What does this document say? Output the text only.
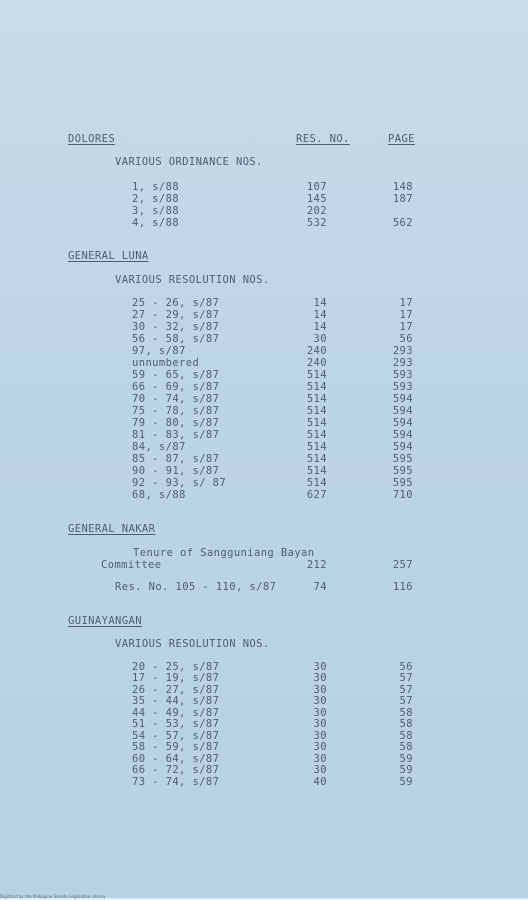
DOLORES	RES. NO.	PAGE
VARIOUS ORDINANCE NOS.
1, s/88	107	148
2, s/88	145	187
3, s/88	202
4, s/88	532	562
GENERAL LUNA
VARIOUS RESOLUTION NOS.
25 - 26, s/87	14	17
27 - 29, s/87	14	17
30 - 32, s/87	14	17
56 - 58, s/87	30	56
97, s/87	240	293
unnumbered	240	293
59 - 65, s/87	514	593
66 - 69, s/87	514	593
70 - 74, s/87	514	594
75 - 78, s/87	514	594
79 - 80, s/87	514	594
81 - 83, s/87	514	594
84, s/87	514	594
85 - 87, s/87	514	595
90 - 91, s/87	514	595
92 - 93, s/ 87	514	595
68, s/88	627	710
GENERAL NAKAR
Tenure of Sangguniang Bayan
Committee	212	257
Res. No. 105 - 110, s/87	74	116
GUINAYANGAN
VARIOUS RESOLUTION NOS.
20 - 25, s/87	30	56
17 - 19, s/87	30	57
26 - 27, s/87	30	57
35 - 44, s/87	30	57
44 - 49, s/87	30	58
51 - 53, s/87	30	58
54 - 57, s/87	30	58
58 - 59, s/87	30	58
60 - 64, s/87	30	59
66 - 72, s/87	30	59
73 - 74, s/87	40	59
Digitized by the Philippine Senate Legislative Library
